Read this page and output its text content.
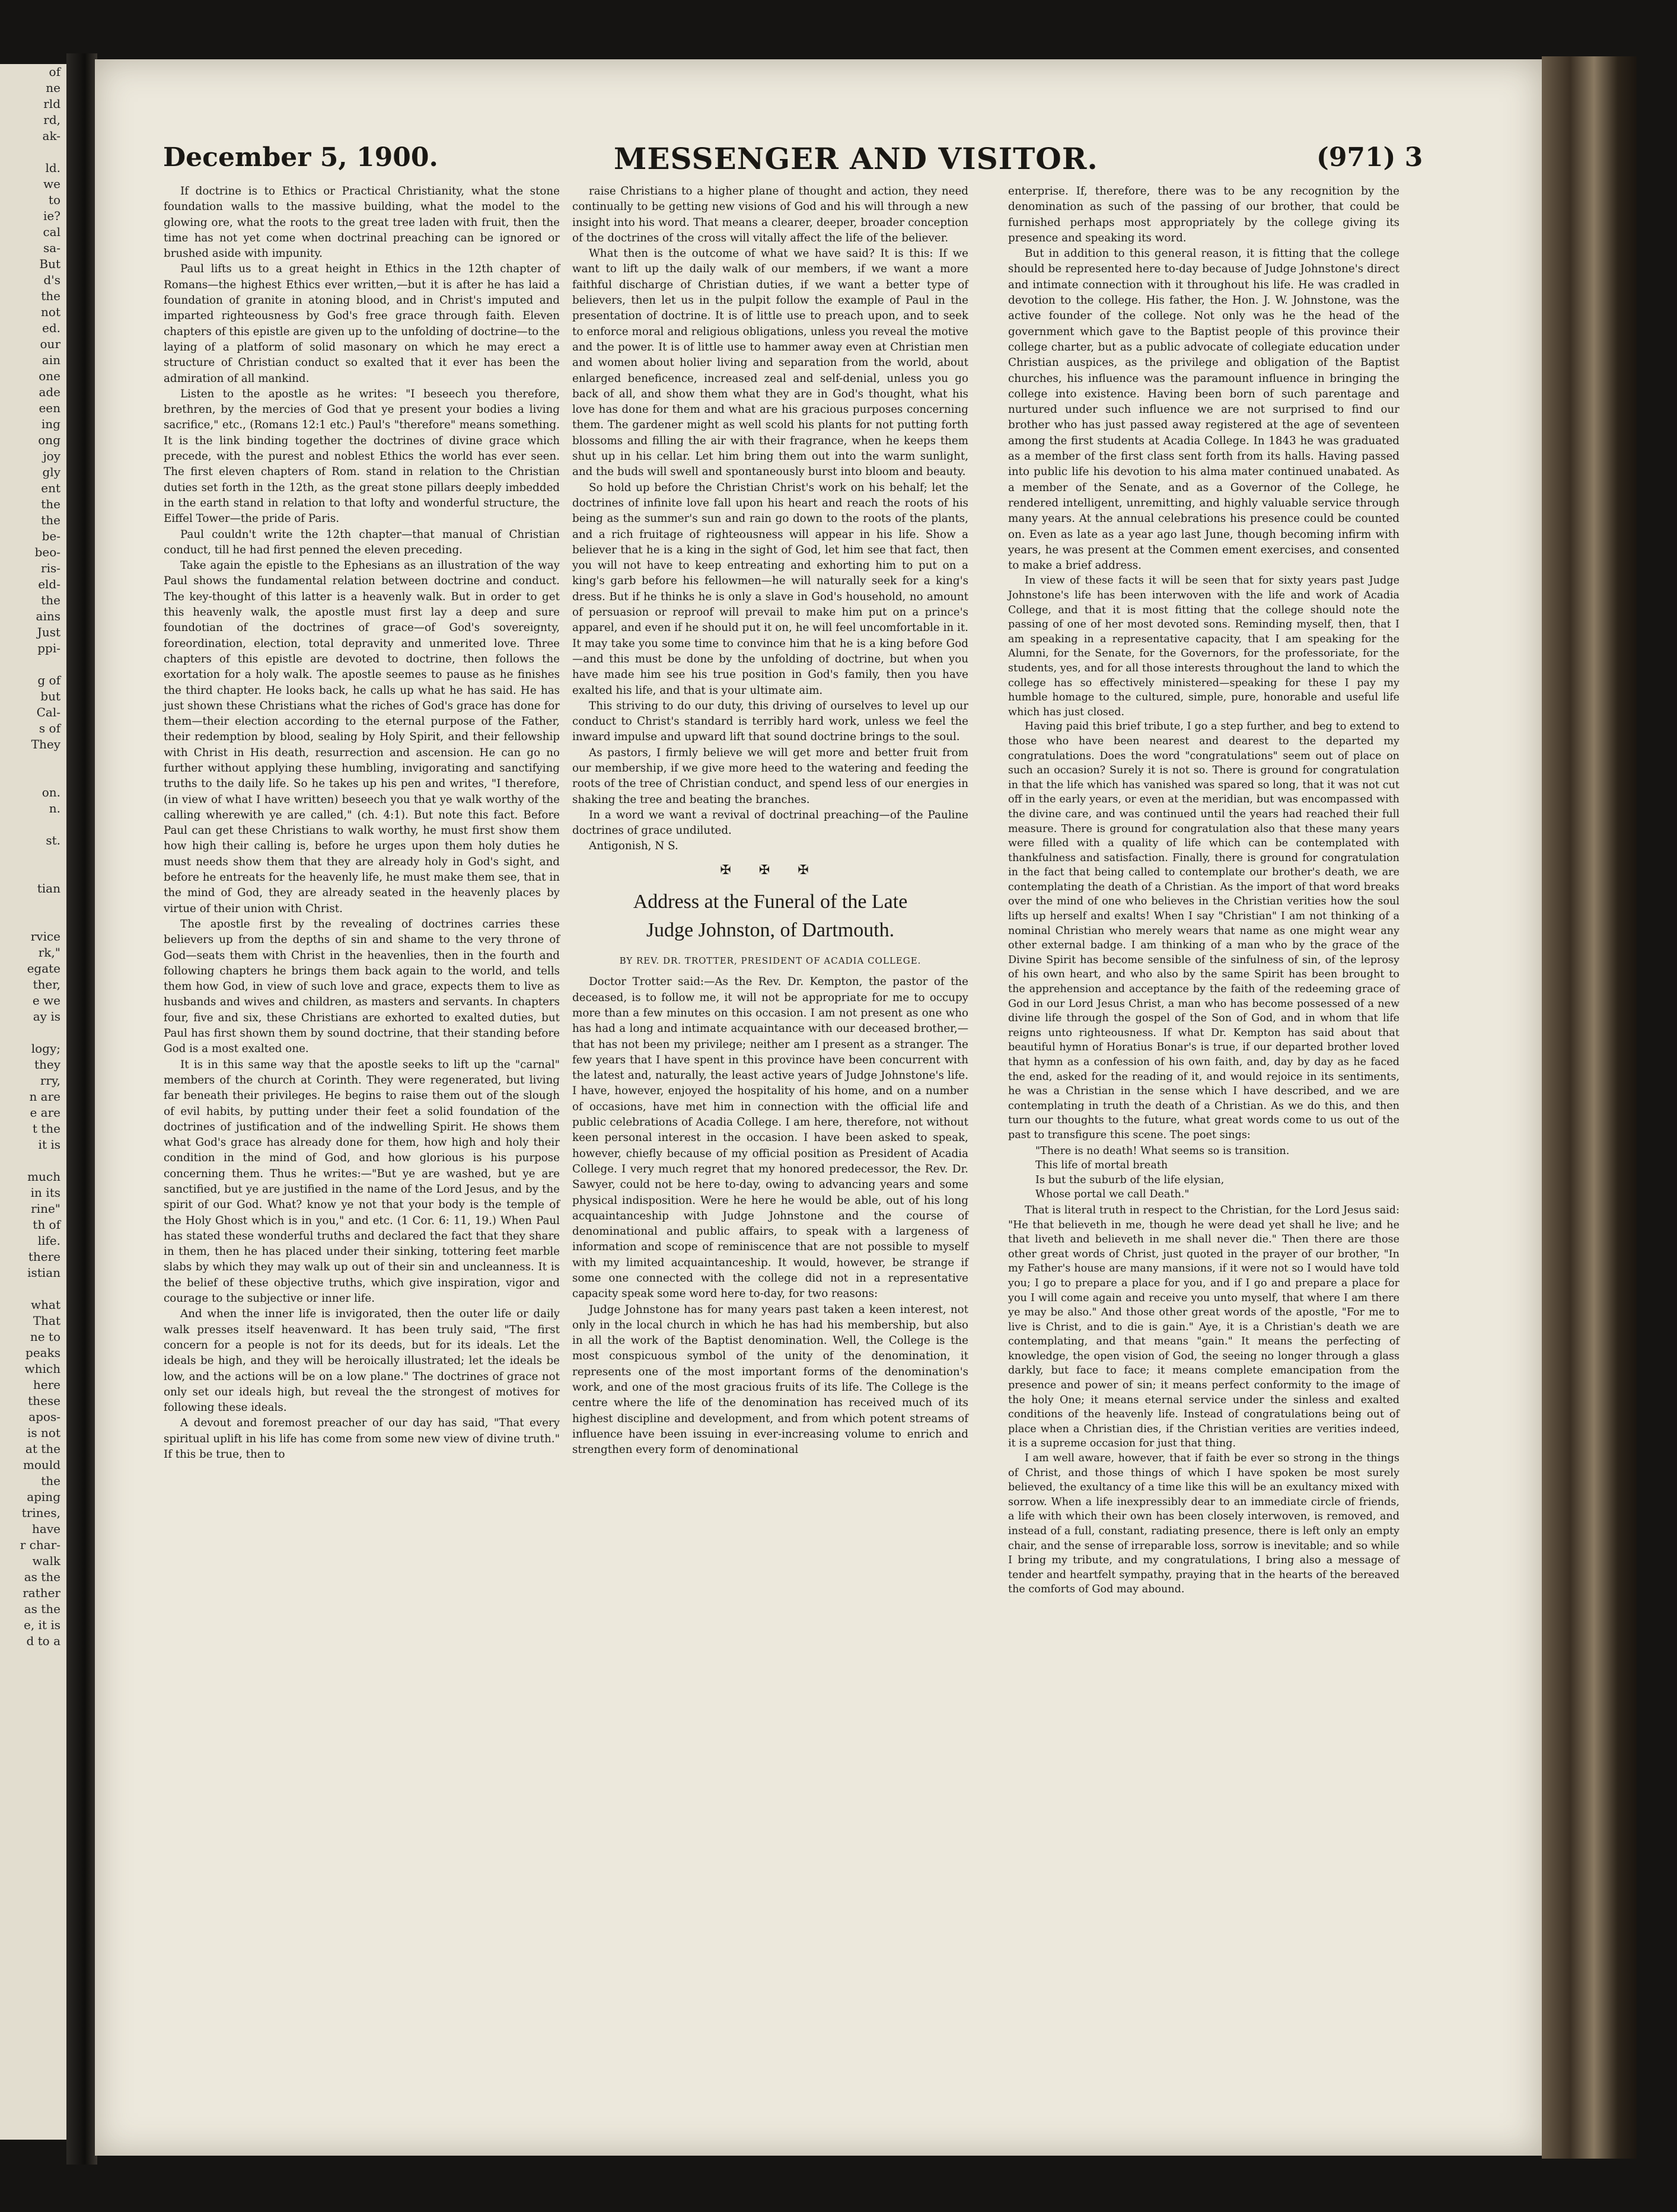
of
ne
rld
rd,
ak-

ld.
we
to
ie?
cal
sa-
But
d's
the
not
ed.
our
ain
one
ade
een
ing
ong
joy
gly
ent
the
the
be-
beo-
ris-
eld-
the
ains
Just
ppi-

g of
but
Cal-
s of
They

on.
n.

st.

tian

rvice
rk,"
egate
ther,
e we
ay is

logy;
they
rry,
n are
e are
t the
it is

much
in its
rine"
th of
life.
there
istian

what
That
ne to
peaks
which
here
these
apos-
is not
at the
mould
the
aping
trines,
have
r char-
walk
as the
rather
as the
e, it is
d to a
December 5, 1900.	MESSENGER AND VISITOR.	(971) 3

If doctrine is to Ethics or Practical Christianity, what the stone foundation walls to the massive building, what the model to the glowing ore, what the roots to the great tree laden with fruit, then the time has not yet come when doctrinal preaching can be ignored or brushed aside with impunity.

Paul lifts us to a great height in Ethics in the 12th chapter of Romans—the highest Ethics ever written,—but it is after he has laid a foundation of granite in atoning blood, and in Christ's imputed and imparted righteousness by God's free grace through faith. Eleven chapters of this epistle are given up to the unfolding of doctrine—to the laying of a platform of solid masonary on which he may erect a structure of Christian conduct so exalted that it ever has been the admiration of all mankind.

Listen to the apostle as he writes: "I beseech you therefore, brethren, by the mercies of God that ye present your bodies a living sacrifice," etc., (Romans 12:1 etc.) Paul's "therefore" means something. It is the link binding together the doctrines of divine grace which precede, with the purest and noblest Ethics the world has ever seen. The first eleven chapters of Rom. stand in relation to the Christian duties set forth in the 12th, as the great stone pillars deeply imbedded in the earth stand in relation to that lofty and wonderful structure, the Eiffel Tower—the pride of Paris.

Paul couldn't write the 12th chapter—that manual of Christian conduct, till he had first penned the eleven preceding.

Take again the epistle to the Ephesians as an illustration of the way Paul shows the fundamental relation between doctrine and conduct. The key-thought of this latter is a heavenly walk. But in order to get this heavenly walk, the apostle must first lay a deep and sure foundotian of the doctrines of grace—of God's sovereignty, foreordination, election, total depravity and unmerited love. Three chapters of this epistle are devoted to doctrine, then follows the exortation for a holy walk. The apostle seemes to pause as he finishes the third chapter. He looks back, he calls up what he has said. He has just shown these Christians what the riches of God's grace has done for them—their election according to the eternal purpose of the Father, their redemption by blood, sealing by Holy Spirit, and their fellowship with Christ in His death, resurrection and ascension. He can go no further without applying these humbling, invigorating and sanctifying truths to the daily life. So he takes up his pen and writes, "I therefore, (in view of what I have written) beseech you that ye walk worthy of the calling wherewith ye are called," (ch. 4:1). But note this fact. Before Paul can get these Christians to walk worthy, he must first show them how high their calling is, before he urges upon them holy duties he must needs show them that they are already holy in God's sight, and before he entreats for the heavenly life, he must make them see, that in the mind of God, they are already seated in the heavenly places by virtue of their union with Christ.

The apostle first by the revealing of doctrines carries these believers up from the depths of sin and shame to the very throne of God—seats them with Christ in the heavenlies, then in the fourth and following chapters he brings them back again to the world, and tells them how God, in view of such love and grace, expects them to live as husbands and wives and children, as masters and servants. In chapters four, five and six, these Christians are exhorted to exalted duties, but Paul has first shown them by sound doctrine, that their standing before God is a most exalted one.

It is in this same way that the apostle seeks to lift up the "carnal" members of the church at Corinth. They were regenerated, but living far beneath their privileges. He begins to raise them out of the slough of evil habits, by putting under their feet a solid foundation of the doctrines of justification and of the indwelling Spirit. He shows them what God's grace has already done for them, how high and holy their condition in the mind of God, and how glorious is his purpose concerning them. Thus he writes:—"But ye are washed, but ye are sanctified, but ye are justified in the name of the Lord Jesus, and by the spirit of our God. What? know ye not that your body is the temple of the Holy Ghost which is in you," and etc. (1 Cor. 6: 11, 19.) When Paul has stated these wonderful truths and declared the fact that they share in them, then he has placed under their sinking, tottering feet marble slabs by which they may walk up out of their sin and uncleanness. It is the belief of these objective truths, which give inspiration, vigor and courage to the subjective or inner life.

And when the inner life is invigorated, then the outer life or daily walk presses itself heavenward. It has been truly said, "The first concern for a people is not for its deeds, but for its ideals. Let the ideals be high, and they will be heroically illustrated; let the ideals be low, and the actions will be on a low plane." The doctrines of grace not only set our ideals high, but reveal the the strongest of motives for following these ideals.

A devout and foremost preacher of our day has said, "That every spiritual uplift in his life has come from some new view of divine truth." If this be true, then to

raise Christians to a higher plane of thought and action, they need continually to be getting new visions of God and his will through a new insight into his word. That means a clearer, deeper, broader conception of the doctrines of the cross will vitally affect the life of the believer.

What then is the outcome of what we have said? It is this: If we want to lift up the daily walk of our members, if we want a more faithful discharge of Christian duties, if we want a better type of believers, then let us in the pulpit follow the example of Paul in the presentation of doctrine. It is of little use to preach upon, and to seek to enforce moral and religious obligations, unless you reveal the motive and the power. It is of little use to hammer away even at Christian men and women about holier living and separation from the world, about enlarged beneficence, increased zeal and self-denial, unless you go back of all, and show them what they are in God's thought, what his love has done for them and what are his gracious purposes concerning them. The gardener might as well scold his plants for not putting forth blossoms and filling the air with their fragrance, when he keeps them shut up in his cellar. Let him bring them out into the warm sunlight, and the buds will swell and spontaneously burst into bloom and beauty.

So hold up before the Christian Christ's work on his behalf; let the doctrines of infinite love fall upon his heart and reach the roots of his being as the summer's sun and rain go down to the roots of the plants, and a rich fruitage of righteousness will appear in his life. Show a believer that he is a king in the sight of God, let him see that fact, then you will not have to keep entreating and exhorting him to put on a king's garb before his fellowmen—he will naturally seek for a king's dress. But if he thinks he is only a slave in God's household, no amount of persuasion or reproof will prevail to make him put on a prince's apparel, and even if he should put it on, he will feel uncomfortable in it. It may take you some time to convince him that he is a king before God—and this must be done by the unfolding of doctrine, but when you have made him see his true position in God's family, then you have exalted his life, and that is your ultimate aim.

This striving to do our duty, this driving of ourselves to level up our conduct to Christ's standard is terribly hard work, unless we feel the inward impulse and upward lift that sound doctrine brings to the soul.

As pastors, I firmly believe we will get more and better fruit from our membership, if we give more heed to the watering and feeding the roots of the tree of Christian conduct, and spend less of our energies in shaking the tree and beating the branches.

In a word we want a revival of doctrinal preaching—of the Pauline doctrines of grace undiluted.

Antigonish, N S.

✠ ✠ ✠
Address at the Funeral of the Late
Judge Johnston, of Dartmouth.
BY REV. DR. TROTTER, PRESIDENT OF ACADIA COLLEGE.

Doctor Trotter said:—As the Rev. Dr. Kempton, the pastor of the deceased, is to follow me, it will not be appropriate for me to occupy more than a few minutes on this occasion. I am not present as one who has had a long and intimate acquaintance with our deceased brother,—that has not been my privilege; neither am I present as a stranger. The few years that I have spent in this province have been concurrent with the latest and, naturally, the least active years of Judge Johnstone's life. I have, however, enjoyed the hospitality of his home, and on a number of occasions, have met him in connection with the official life and public celebrations of Acadia College. I am here, therefore, not without keen personal interest in the occasion. I have been asked to speak, however, chiefly because of my official position as President of Acadia College. I very much regret that my honored predecessor, the Rev. Dr. Sawyer, could not be here to-day, owing to advancing years and some physical indisposition. Were he here he would be able, out of his long acquaintanceship with Judge Johnstone and the course of denominational and public affairs, to speak with a largeness of information and scope of reminiscence that are not possible to myself with my limited acquaintanceship. It would, however, be strange if some one connected with the college did not in a representative capacity speak some word here to-day, for two reasons:

Judge Johnstone has for many years past taken a keen interest, not only in the local church in which he has had his membership, but also in all the work of the Baptist denomination. Well, the College is the most conspicuous symbol of the unity of the denomination, it represents one of the most important forms of the denomination's work, and one of the most gracious fruits of its life. The College is the centre where the life of the denomination has received much of its highest discipline and development, and from which potent streams of influence have been issuing in ever-increasing volume to enrich and strengthen every form of denominational

enterprise. If, therefore, there was to be any recognition by the denomination as such of the passing of our brother, that could be furnished perhaps most appropriately by the college giving its presence and speaking its word.

But in addition to this general reason, it is fitting that the college should be represented here to-day because of Judge Johnstone's direct and intimate connection with it throughout his life. He was cradled in devotion to the college. His father, the Hon. J. W. Johnstone, was the active founder of the college. Not only was he the head of the government which gave to the Baptist people of this province their college charter, but as a public advocate of collegiate education under Christian auspices, as the privilege and obligation of the Baptist churches, his influence was the paramount influence in bringing the college into existence. Having been born of such parentage and nurtured under such influence we are not surprised to find our brother who has just passed away registered at the age of seventeen among the first students at Acadia College. In 1843 he was graduated as a member of the first class sent forth from its halls. Having passed into public life his devotion to his alma mater continued unabated. As a member of the Senate, and as a Governor of the College, he rendered intelligent, unremitting, and highly valuable service through many years. At the annual celebrations his presence could be counted on. Even as late as a year ago last June, though becoming infirm with years, he was present at the Commen ement exercises, and consented to make a brief address.

In view of these facts it will be seen that for sixty years past Judge Johnstone's life has been interwoven with the life and work of Acadia College, and that it is most fitting that the college should note the passing of one of her most devoted sons. Reminding myself, then, that I am speaking in a representative capacity, that I am speaking for the Alumni, for the Senate, for the Governors, for the professoriate, for the students, yes, and for all those interests throughout the land to which the college has so effectively ministered—speaking for these I pay my humble homage to the cultured, simple, pure, honorable and useful life which has just closed.

Having paid this brief tribute, I go a step further, and beg to extend to those who have been nearest and dearest to the departed my congratulations. Does the word "congratulations" seem out of place on such an occasion? Surely it is not so. There is ground for congratulation in that the life which has vanished was spared so long, that it was not cut off in the early years, or even at the meridian, but was encompassed with the divine care, and was continued until the years had reached their full measure. There is ground for congratulation also that these many years were filled with a quality of life which can be contemplated with thankfulness and satisfaction. Finally, there is ground for congratulation in the fact that being called to contemplate our brother's death, we are contemplating the death of a Christian. As the import of that word breaks over the mind of one who believes in the Christian verities how the soul lifts up herself and exalts! When I say "Christian" I am not thinking of a nominal Christian who merely wears that name as one might wear any other external badge. I am thinking of a man who by the grace of the Divine Spirit has become sensible of the sinfulness of sin, of the leprosy of his own heart, and who also by the same Spirit has been brought to the apprehension and acceptance by the faith of the redeeming grace of God in our Lord Jesus Christ, a man who has become possessed of a new divine life through the gospel of the Son of God, and in whom that life reigns unto righteousness. If what Dr. Kempton has said about that beautiful hymn of Horatius Bonar's is true, if our departed brother loved that hymn as a confession of his own faith, and, day by day as he faced the end, asked for the reading of it, and would rejoice in its sentiments, he was a Christian in the sense which I have described, and we are contemplating in truth the death of a Christian. As we do this, and then turn our thoughts to the future, what great words come to us out of the past to transfigure this scene. The poet sings:

"There is no death! What seems so is transition.
This life of mortal breath
Is but the suburb of the life elysian,
Whose portal we call Death."

That is literal truth in respect to the Christian, for the Lord Jesus said: "He that believeth in me, though he were dead yet shall he live; and he that liveth and believeth in me shall never die." Then there are those other great words of Christ, just quoted in the prayer of our brother, "In my Father's house are many mansions, if it were not so I would have told you; I go to prepare a place for you, and if I go and prepare a place for you I will come again and receive you unto myself, that where I am there ye may be also." And those other great words of the apostle, "For me to live is Christ, and to die is gain." Aye, it is a Christian's death we are contemplating, and that means "gain." It means the perfecting of knowledge, the open vision of God, the seeing no longer through a glass darkly, but face to face; it means complete emancipation from the presence and power of sin; it means perfect conformity to the image of the holy One; it means eternal service under the sinless and exalted conditions of the heavenly life. Instead of congratulations being out of place when a Christian dies, if the Christian verities are verities indeed, it is a supreme occasion for just that thing.

I am well aware, however, that if faith be ever so strong in the things of Christ, and those things of which I have spoken be most surely believed, the exultancy of a time like this will be an exultancy mixed with sorrow. When a life inexpressibly dear to an immediate circle of friends, a life with which their own has been closely interwoven, is removed, and instead of a full, constant, radiating presence, there is left only an empty chair, and the sense of irreparable loss, sorrow is inevitable; and so while I bring my tribute, and my congratulations, I bring also a message of tender and heartfelt sympathy, praying that in the hearts of the bereaved the comforts of God may abound.
